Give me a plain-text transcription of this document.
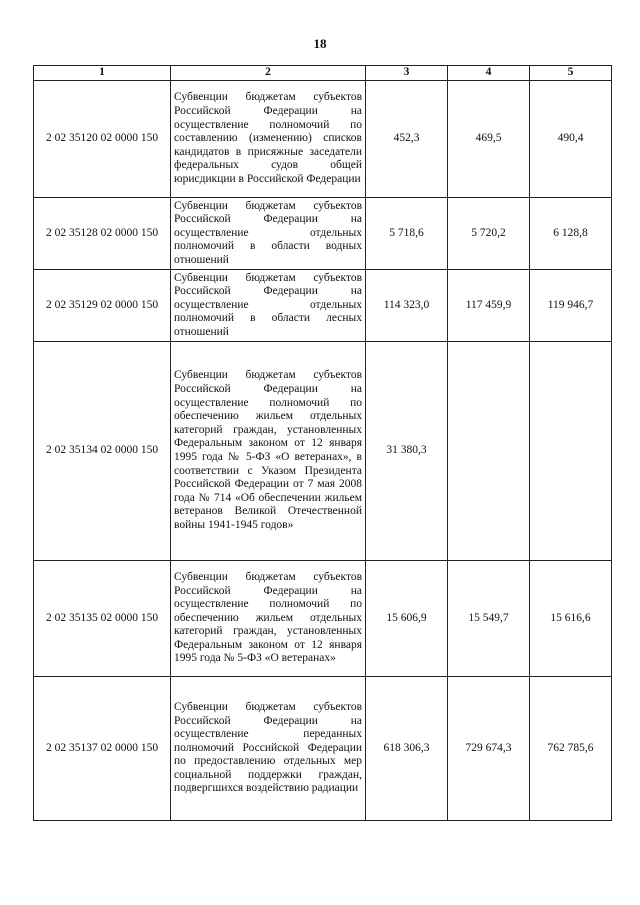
18
1	2	3	4	5
2 02 35120 02 0000 150	Субвенции бюджетам субъектов Российской Федерации на осуществление полномочий по составлению (изменению) списков кандидатов в присяжные заседатели федеральных судов общей юрисдикции в Российской Федерации	452,3	469,5	490,4
2 02 35128 02 0000 150	Субвенции бюджетам субъектов Российской Федерации на осуществление отдельных полномочий в области водных отношений	5 718,6	5 720,2	6 128,8
2 02 35129 02 0000 150	Субвенции бюджетам субъектов Российской Федерации на осуществление отдельных полномочий в области лесных отношений	114 323,0	117 459,9	119 946,7
2 02 35134 02 0000 150	Субвенции бюджетам субъектов Российской Федерации на осуществление полномочий по обеспечению жильем отдельных категорий граждан, установленных Федеральным законом от 12 января 1995 года № 5-ФЗ «О ветеранах», в соответствии с Указом Президента Российской Федерации от 7 мая 2008 года № 714 «Об обеспечении жильем ветеранов Великой Отечественной войны 1941-1945 годов»	31 380,3		
2 02 35135 02 0000 150	Субвенции бюджетам субъектов Российской Федерации на осуществление полномочий по обеспечению жильем отдельных категорий граждан, установленных Федеральным законом от 12 января 1995 года № 5-ФЗ «О ветеранах»	15 606,9	15 549,7	15 616,6
2 02 35137 02 0000 150	Субвенции бюджетам субъектов Российской Федерации на осуществление переданных полномочий Российской Федерации по предоставлению отдельных мер социальной поддержки граждан, подвергшихся воздействию радиации	618 306,3	729 674,3	762 785,6
